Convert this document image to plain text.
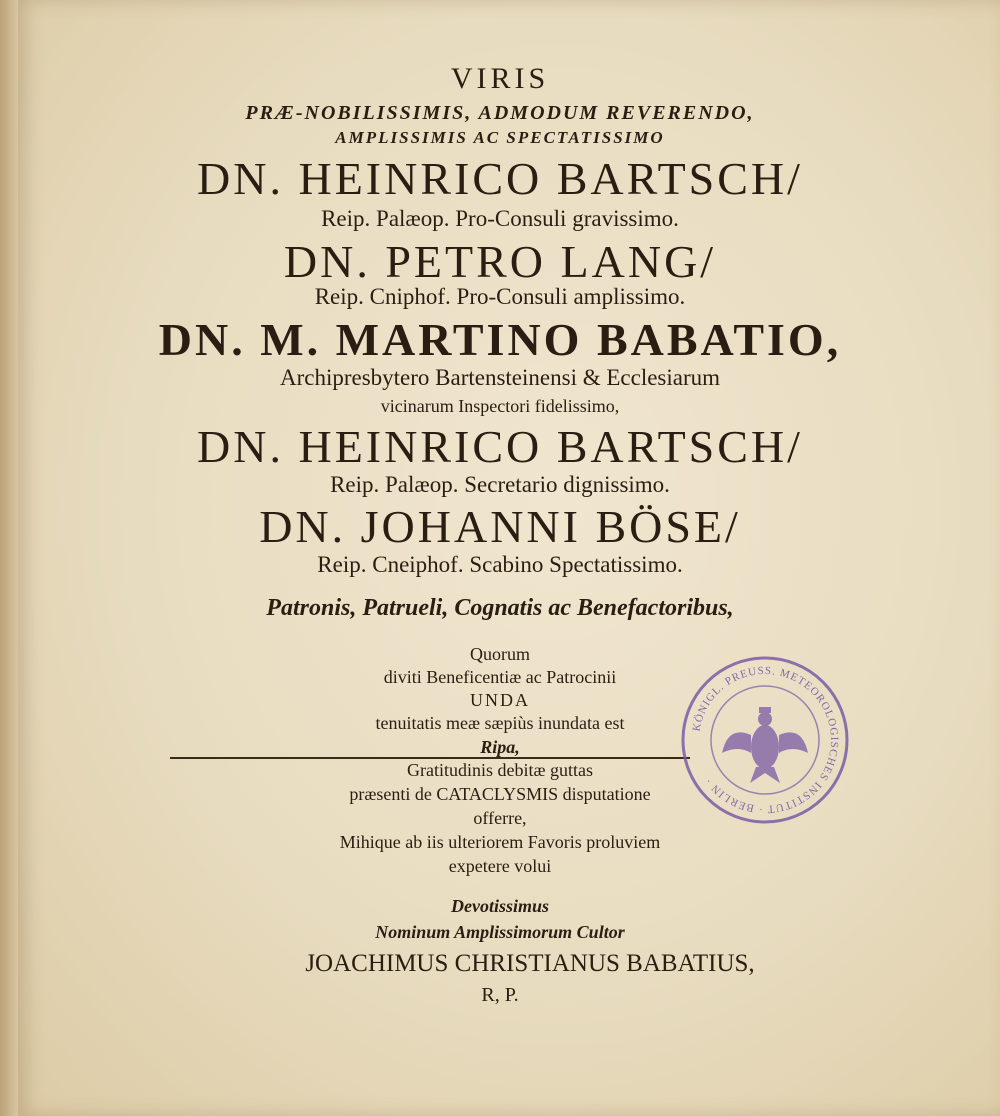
VIRIS
PRÆ-NOBILISSIMIS, ADMODUM REVERENDO,
AMPLISSIMIS AC SPECTATISSIMO
DN. HEINRICO BARTSCH/
Reip. Palæop. Pro-Consuli gravissimo.
DN. PETRO LANG/
Reip. Cniphof. Pro-Consuli amplissimo.
DN. M. MARTINO BABATIO,
Archipresbytero Bartensteinensi & Ecclesiarum
vicinarum Inspectori fidelissimo,
DN. HEINRICO BARTSCH/
Reip. Palæop. Secretario dignissimo.
DN. JOHANNI BÖSE/
Reip. Cneiphof. Scabino Spectatissimo.
Patronis, Patrueli, Cognatis ac Benefactoribus,
Quorum
diviti Beneficentiæ ac Patrocinii
UNDA
tenuitatis meæ sæpiùs inundata est
Ripa,
Gratitudinis debitæ guttas
præsenti de CATACLYSMIS disputatione
offerre,
Mihique ab iis ulteriorem Favoris proluviem
expetere volui
Devotissimus
Nominum Amplissimorum Cultor
JOACHIMUS CHRISTIANUS BABATIUS,
R, P.
KÖNIGL. PREUSS. METEOROLOGISCHES INSTITUT · BERLIN ·
